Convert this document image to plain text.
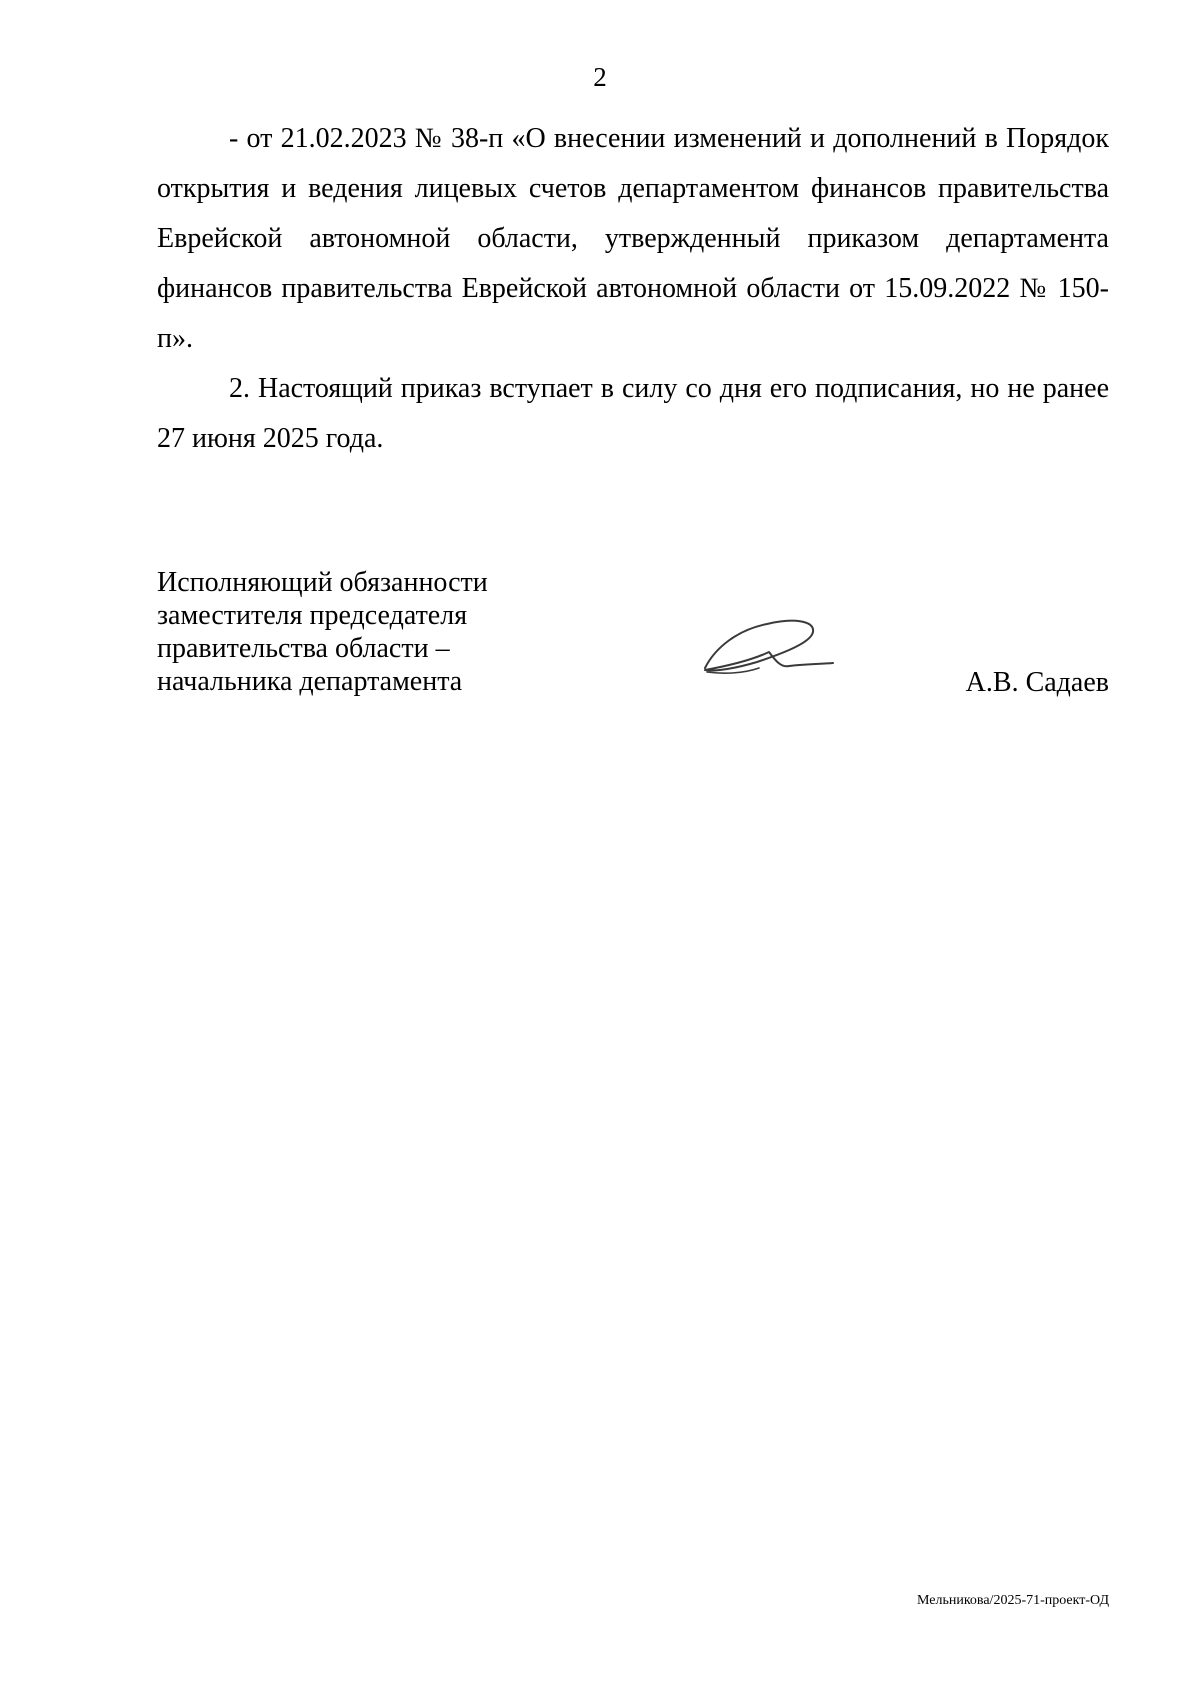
2

- от 21.02.2023 № 38-п «О внесении изменений и дополнений в Порядок открытия и ведения лицевых счетов департаментом финансов правительства Еврейской автономной области, утвержденный приказом департамента финансов правительства Еврейской автономной области от 15.09.2022 № 150-п».

2. Настоящий приказ вступает в силу со дня его подписания, но не ранее 27 июня 2025 года.

Исполняющий обязанности
заместителя председателя
правительства области –
начальника департамента	А.В. Садаев
Мельникова/2025-71-проект-ОД
